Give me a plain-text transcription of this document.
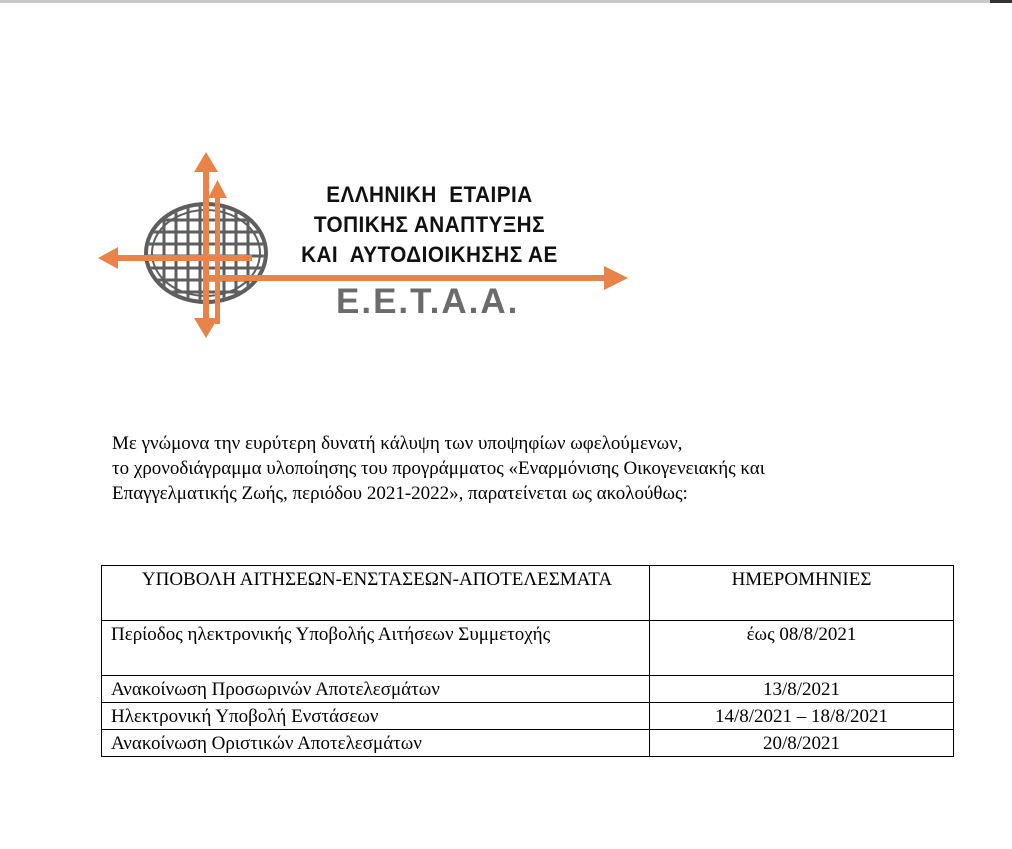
ΕΛΛΗΝΙΚΗ  ΕΤΑΙΡΙΑ
ΤΟΠΙΚΗΣ ΑΝΑΠΤΥΞΗΣ
ΚΑΙ  ΑΥΤΟΔΙΟΙΚΗΣΗΣ ΑΕ
Ε.Ε.Τ.Α.Α.
Με γνώμονα την ευρύτερη δυνατή κάλυψη των υποψηφίων ωφελούμενων,
το χρονοδιάγραμμα υλοποίησης του προγράμματος «Εναρμόνισης Οικογενειακής και
Επαγγελματικής Ζωής, περιόδου 2021-2022», παρατείνεται ως ακολούθως:
ΥΠΟΒΟΛΗ ΑΙΤΗΣΕΩΝ-ΕΝΣΤΑΣΕΩΝ-ΑΠΟΤΕΛΕΣΜΑΤΑ	ΗΜΕΡΟΜΗΝΙΕΣ
Περίοδος ηλεκτρονικής Υποβολής Αιτήσεων Συμμετοχής	έως 08/8/2021
Ανακοίνωση Προσωρινών Αποτελεσμάτων	13/8/2021
Ηλεκτρονική Υποβολή Ενστάσεων	14/8/2021 – 18/8/2021
Ανακοίνωση Οριστικών Αποτελεσμάτων	20/8/2021
